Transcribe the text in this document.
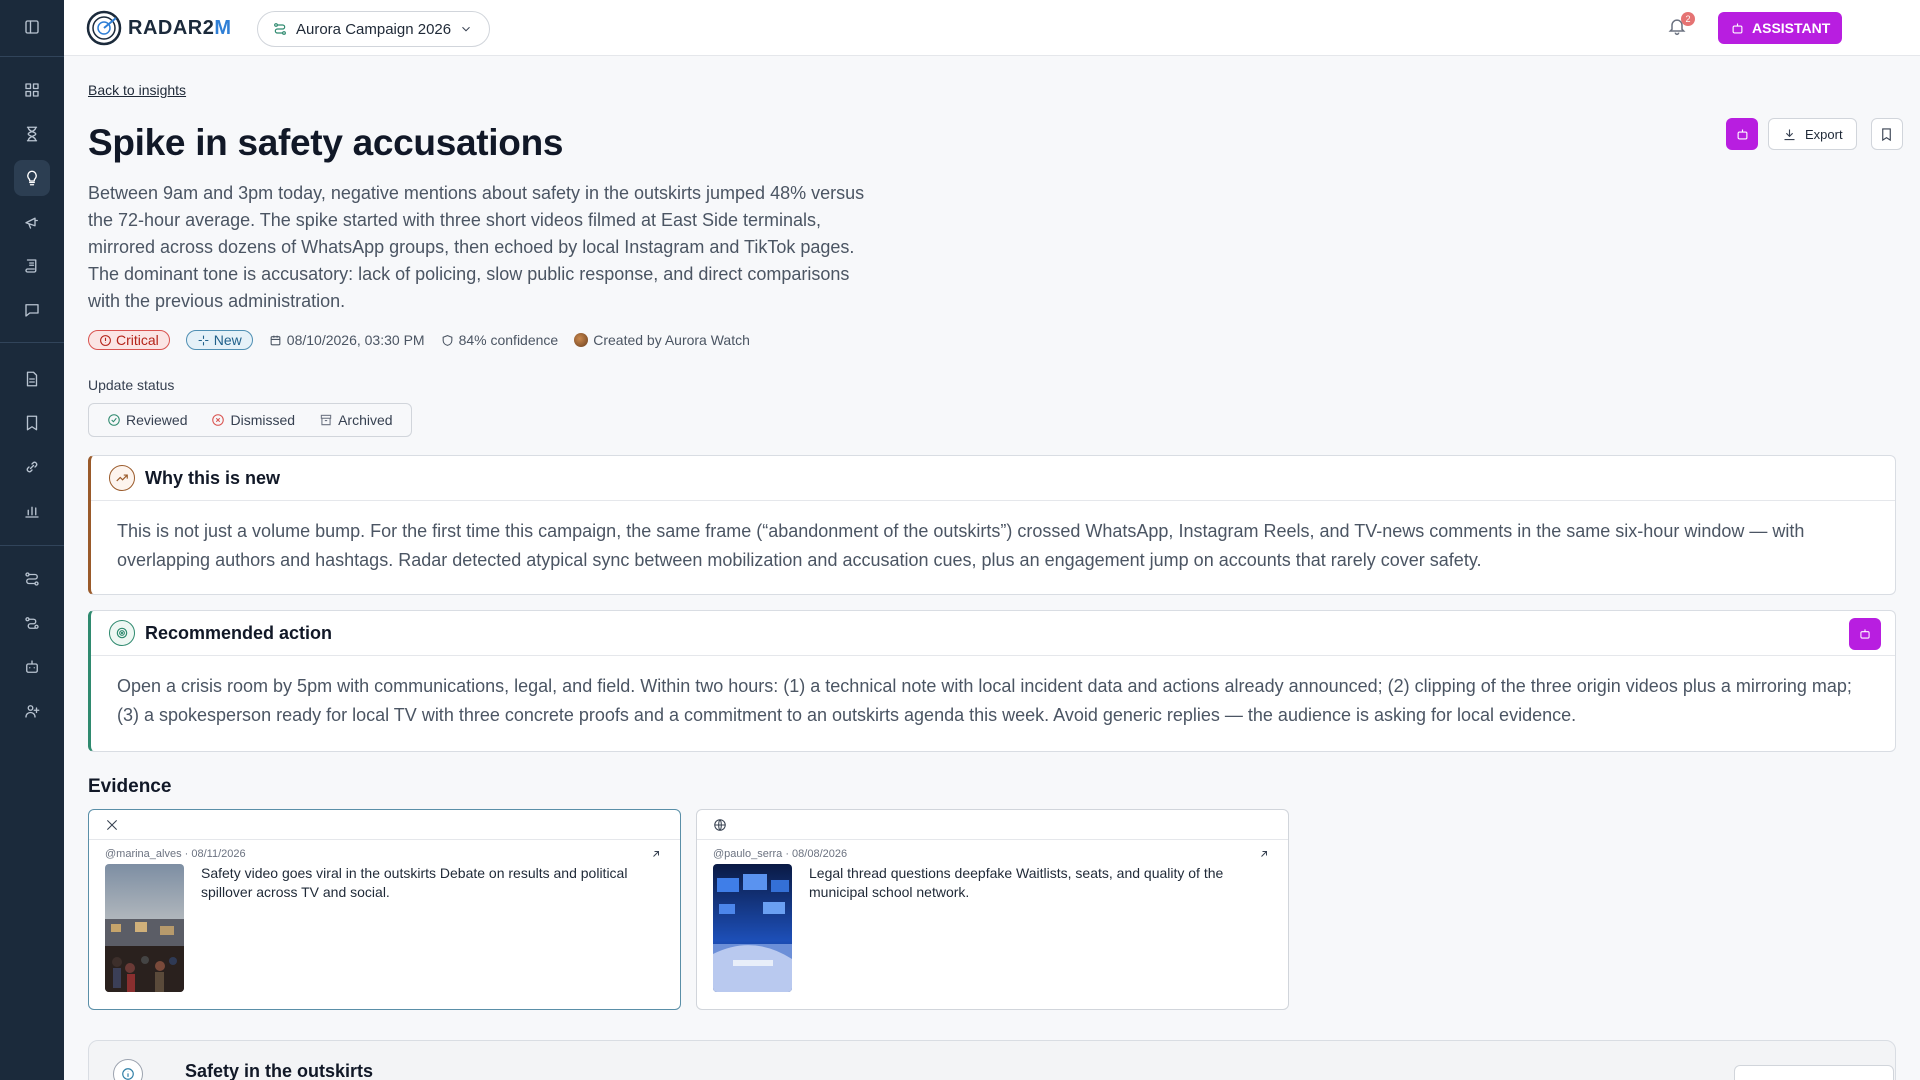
RADAR2M	Aurora Campaign 2026
2
ASSISTANT
Back to insights
Spike in safety accusations

Between 9am and 3pm today, negative mentions about safety in the outskirts jumped 48% versus the 72-hour average. The spike started with three short videos filmed at East Side terminals, mirrored across dozens of WhatsApp groups, then echoed by local Instagram and TikTok pages. The dominant tone is accusatory: lack of policing, slow public response, and direct comparisons with the previous administration.

Export
Critical	New	08/10/2026, 03:30 PM 84% confidence	Created by Aurora Watch
Update status
Reviewed	Dismissed	Archived
Why this is new
This is not just a volume bump. For the first time this campaign, the same frame (“abandonment of the outskirts”) crossed WhatsApp, Instagram Reels, and TV-news comments in the same six-hour window — with overlapping authors and hashtags. Radar detected atypical sync between mobilization and accusation cues, plus an engagement jump on accounts that rarely cover safety.
Recommended action
Open a crisis room by 5pm with communications, legal, and field. Within two hours: (1) a technical note with local incident data and actions already announced; (2) clipping of the three origin videos plus a mirroring map; (3) a spokesperson ready for local TV with three concrete proofs and a commitment to an outskirts agenda this week. Avoid generic replies — the audience is asking for local evidence.
Evidence
@marina_alves · 08/11/2026

Safety video goes viral in the outskirts Debate on results and political spillover across TV and social.

@paulo_serra · 08/08/2026

Legal thread questions deepfake Waitlists, seats, and quality of the municipal school network.

Safety in the outskirts
